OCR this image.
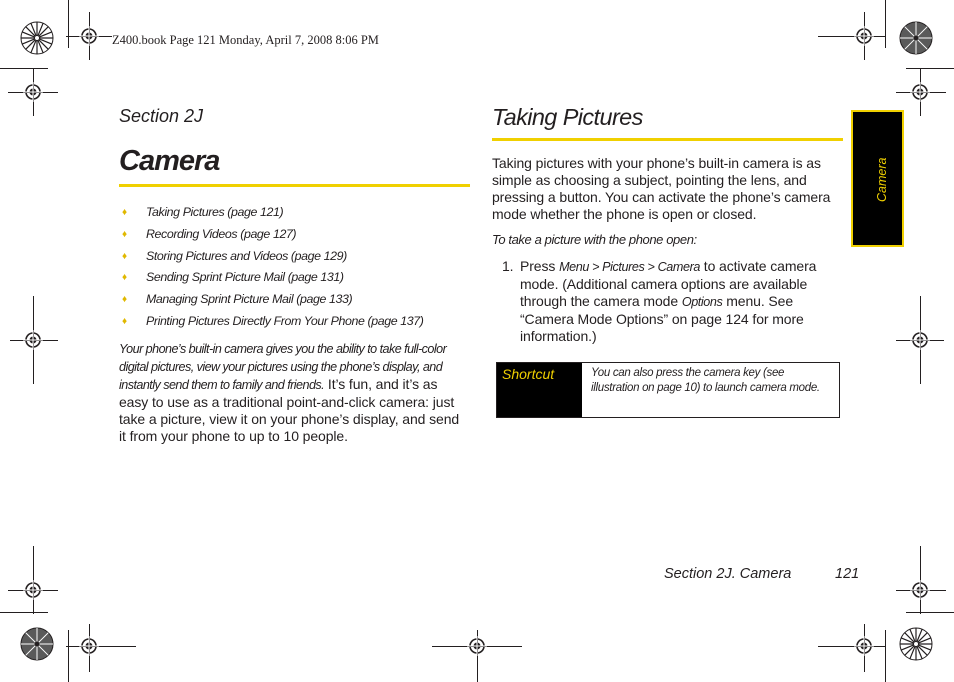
Z400.book Page 121 Monday, April 7, 2008 8:06 PM
Section 2J
Camera
♦ Taking Pictures (page 121)
♦ Recording Videos (page 127)
♦ Storing Pictures and Videos (page 129)
♦ Sending Sprint Picture Mail (page 131)
♦ Managing Sprint Picture Mail (page 133)
♦ Printing Pictures Directly From Your Phone (page 137)
Your phone’s built-in camera gives you the ability to take full-color digital pictures, view your pictures using the phone’s display, and instantly send them to family and friends. It’s fun, and it’s as easy to use as a traditional point-and-click camera: just take a picture, view it on your phone’s display, and send it from your phone to up to 10 people.
Taking Pictures
Taking pictures with your phone’s built-in camera is as simple as choosing a subject, pointing the lens, and pressing a button. You can activate the phone’s camera mode whether the phone is open or closed.
To take a picture with the phone open:
1. Press Menu > Pictures > Camera to activate camera mode. (Additional camera options are available through the camera mode Options menu. See “Camera Mode Options” on page 124 for more information.)
Shortcut	You can also press the camera key (see illustration on page 10) to launch camera mode.
Camera
Section 2J. Camera	121
